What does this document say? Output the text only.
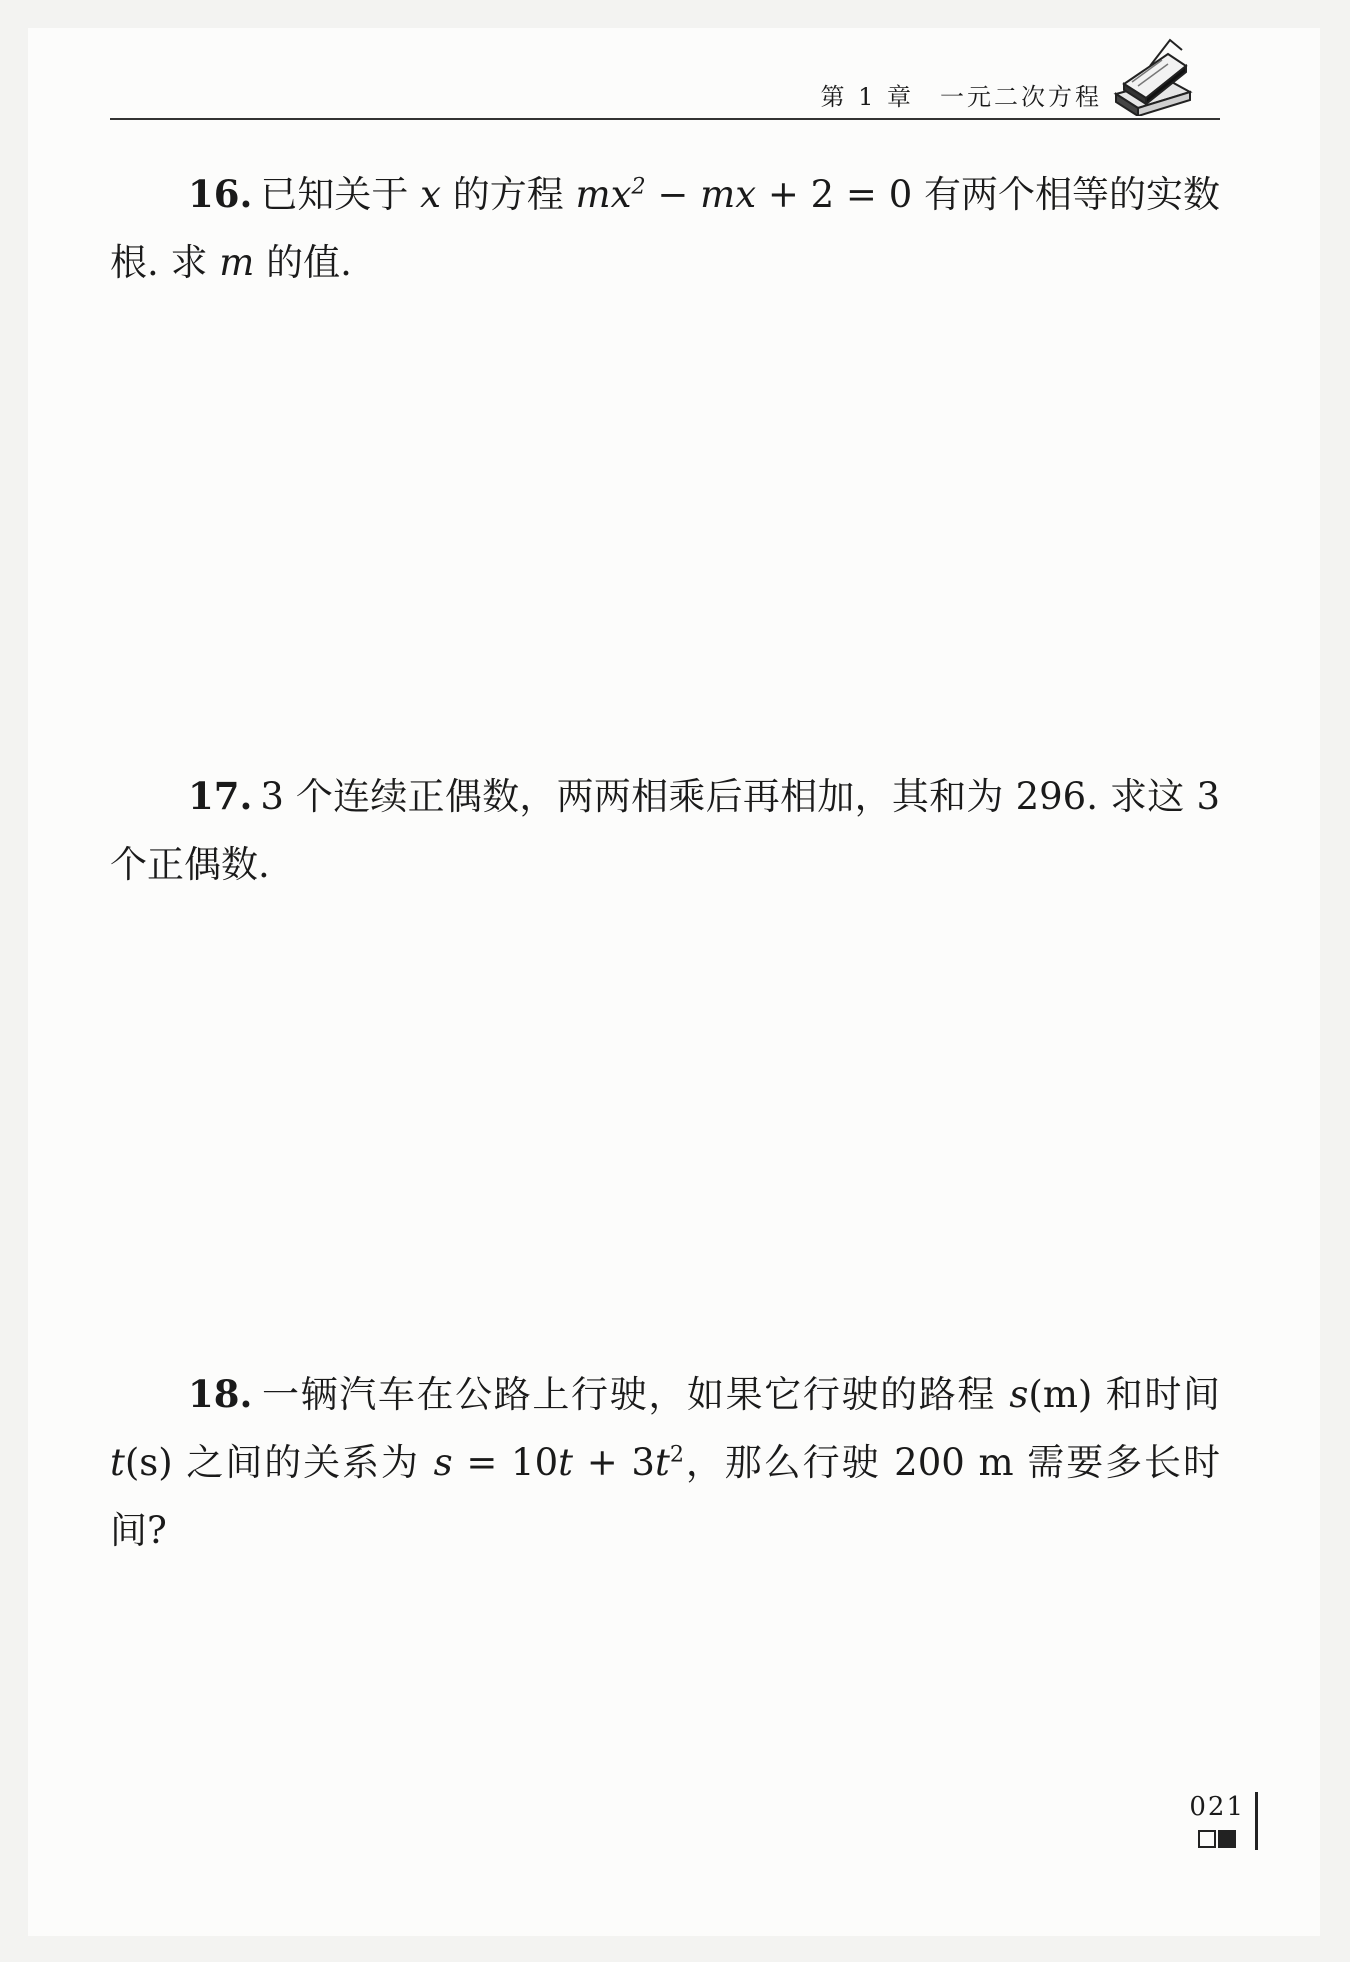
第 1 章 一元二次方程
16. 已知关于 x 的方程 $mx^2$ − mx + 2 = 0 有两个相等的实数根. 求 m 的值.
17. 3 个连续正偶数，两两相乘后再相加，其和为 296. 求这 3 个正偶数.
18. 一辆汽车在公路上行驶，如果它行驶的路程 s(m) 和时间 t(s) 之间的关系为 $s = 10t + 3t^2$，那么行驶 200 m 需要多长时间?
021
